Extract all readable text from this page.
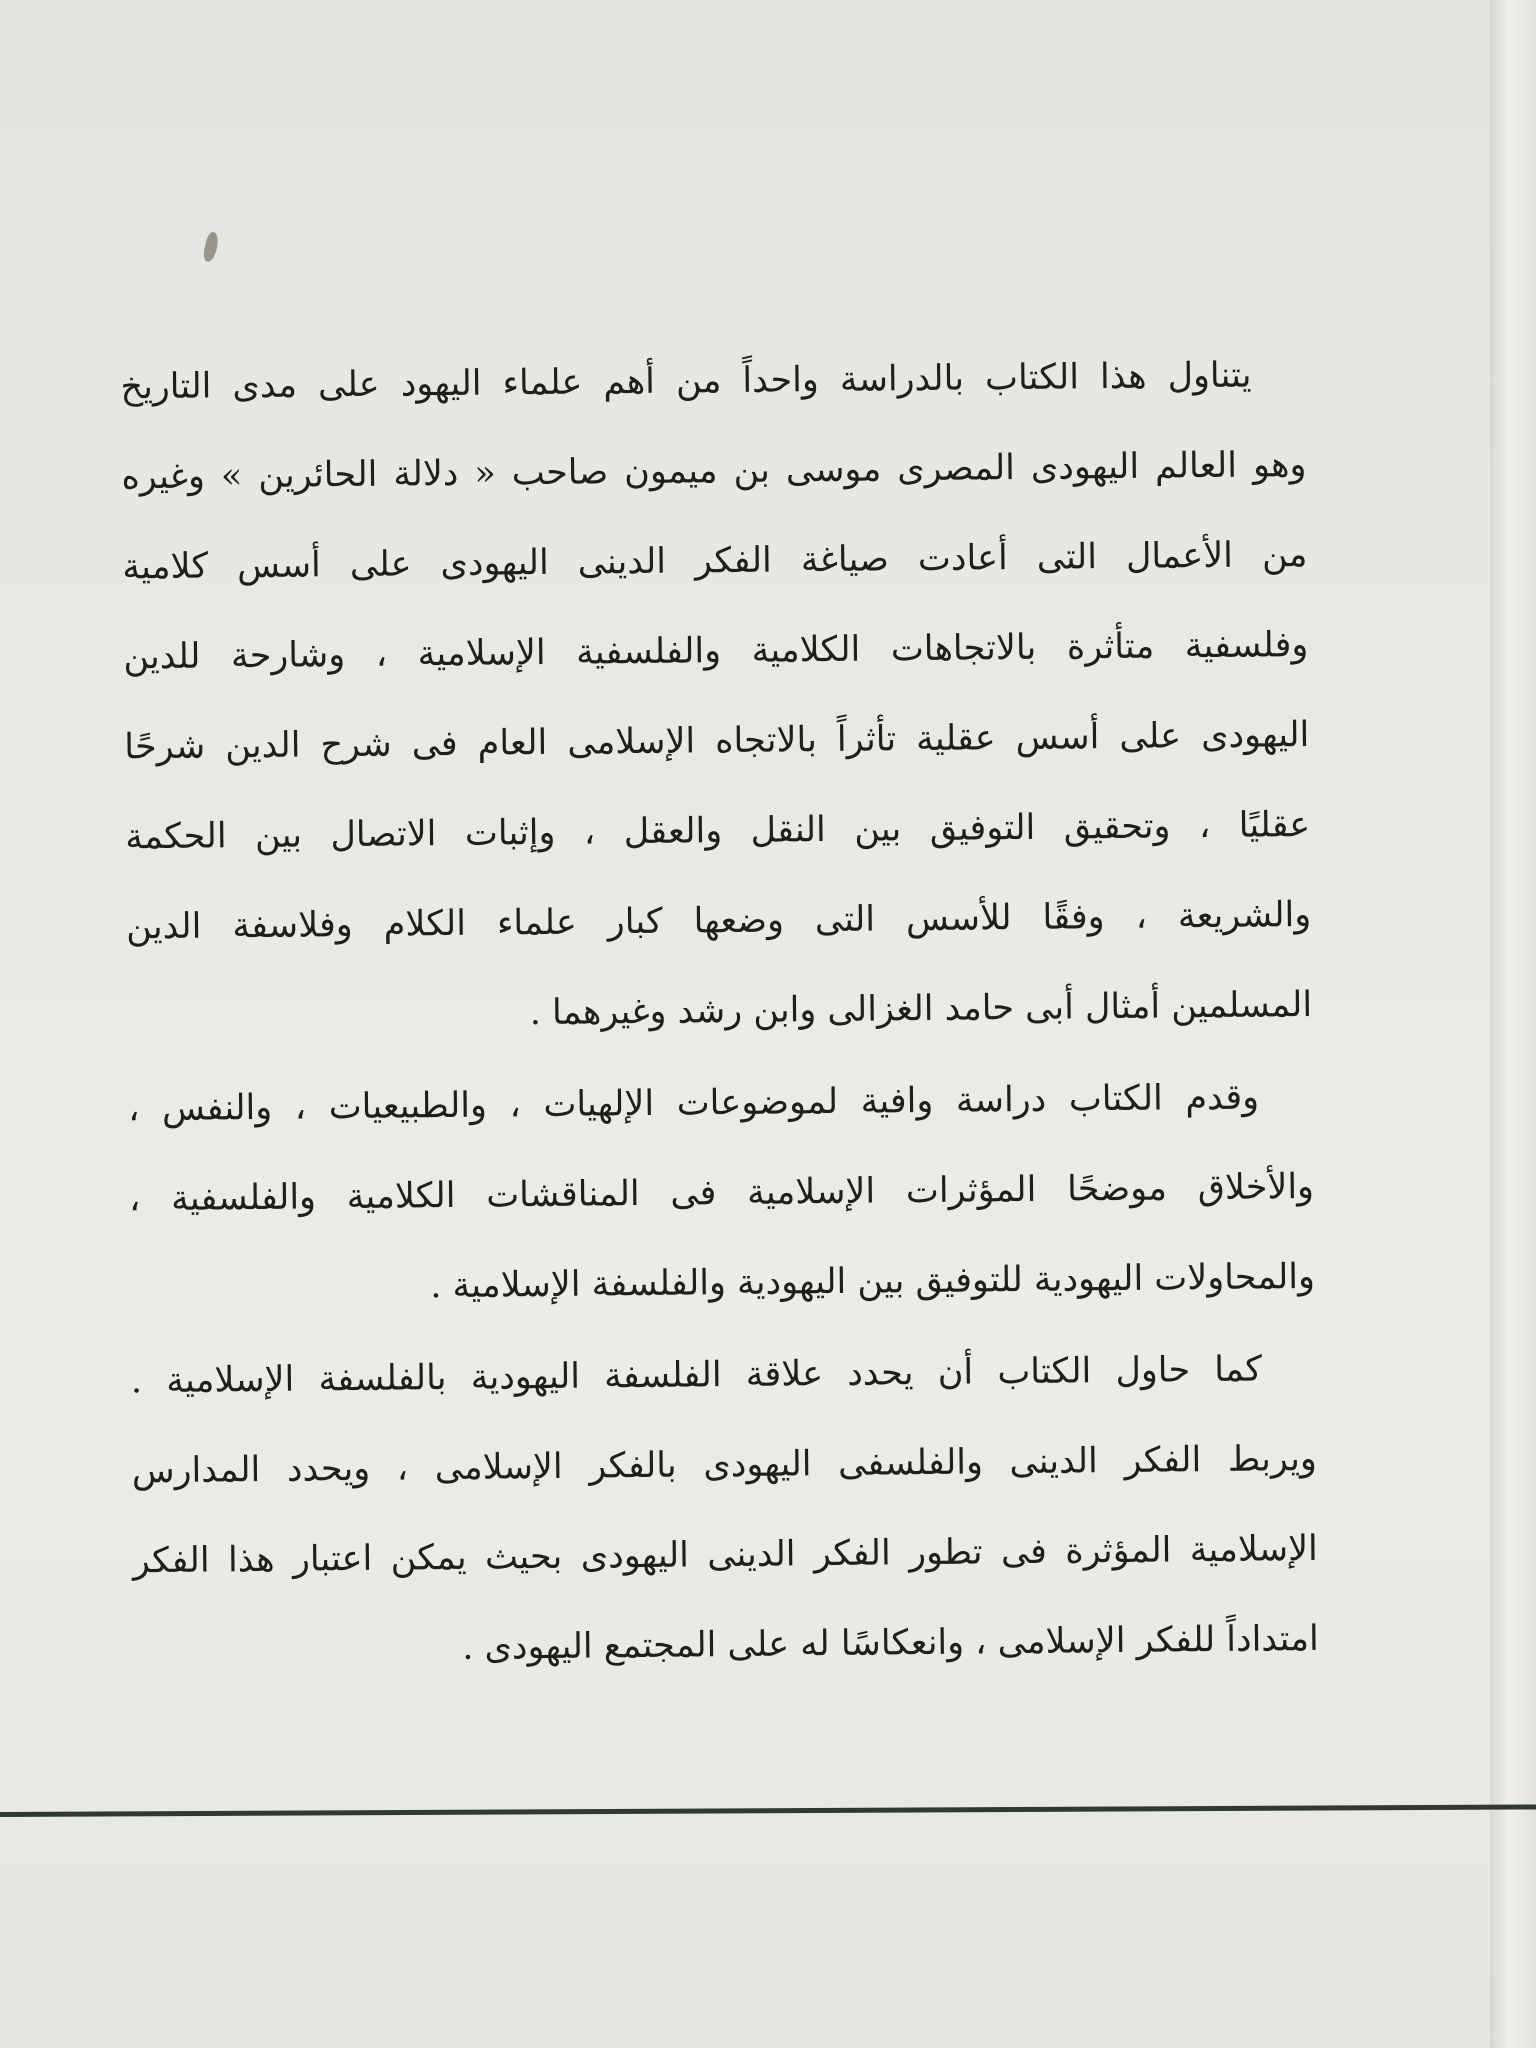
يتناول هذا الكتاب بالدراسة واحداً من أهم علماء اليهود على مدى التاريخ
وهو العالم اليهودى المصرى موسى بن ميمون صاحب « دلالة الحائرين » وغيره
من الأعمال التى أعادت صياغة الفكر الدينى اليهودى على أسس كلامية
وفلسفية متأثرة بالاتجاهات الكلامية والفلسفية الإسلامية ، وشارحة للدين
اليهودى على أسس عقلية تأثراً بالاتجاه الإسلامى العام فى شرح الدين شرحًا
عقليًا ، وتحقيق التوفيق بين النقل والعقل ، وإثبات الاتصال بين الحكمة
والشريعة ، وفقًا للأسس التى وضعها كبار علماء الكلام وفلاسفة الدين
المسلمين أمثال أبى حامد الغزالى وابن رشد وغيرهما .

وقدم الكتاب دراسة وافية لموضوعات الإلهيات ، والطبيعيات ، والنفس ،
والأخلاق موضحًا المؤثرات الإسلامية فى المناقشات الكلامية والفلسفية ،
والمحاولات اليهودية للتوفيق بين اليهودية والفلسفة الإسلامية .

كما حاول الكتاب أن يحدد علاقة الفلسفة اليهودية بالفلسفة الإسلامية .
ويربط الفكر الدينى والفلسفى اليهودى بالفكر الإسلامى ، ويحدد المدارس
الإسلامية المؤثرة فى تطور الفكر الدينى اليهودى بحيث يمكن اعتبار هذا الفكر
امتداداً للفكر الإسلامى ، وانعكاسًا له على المجتمع اليهودى .
